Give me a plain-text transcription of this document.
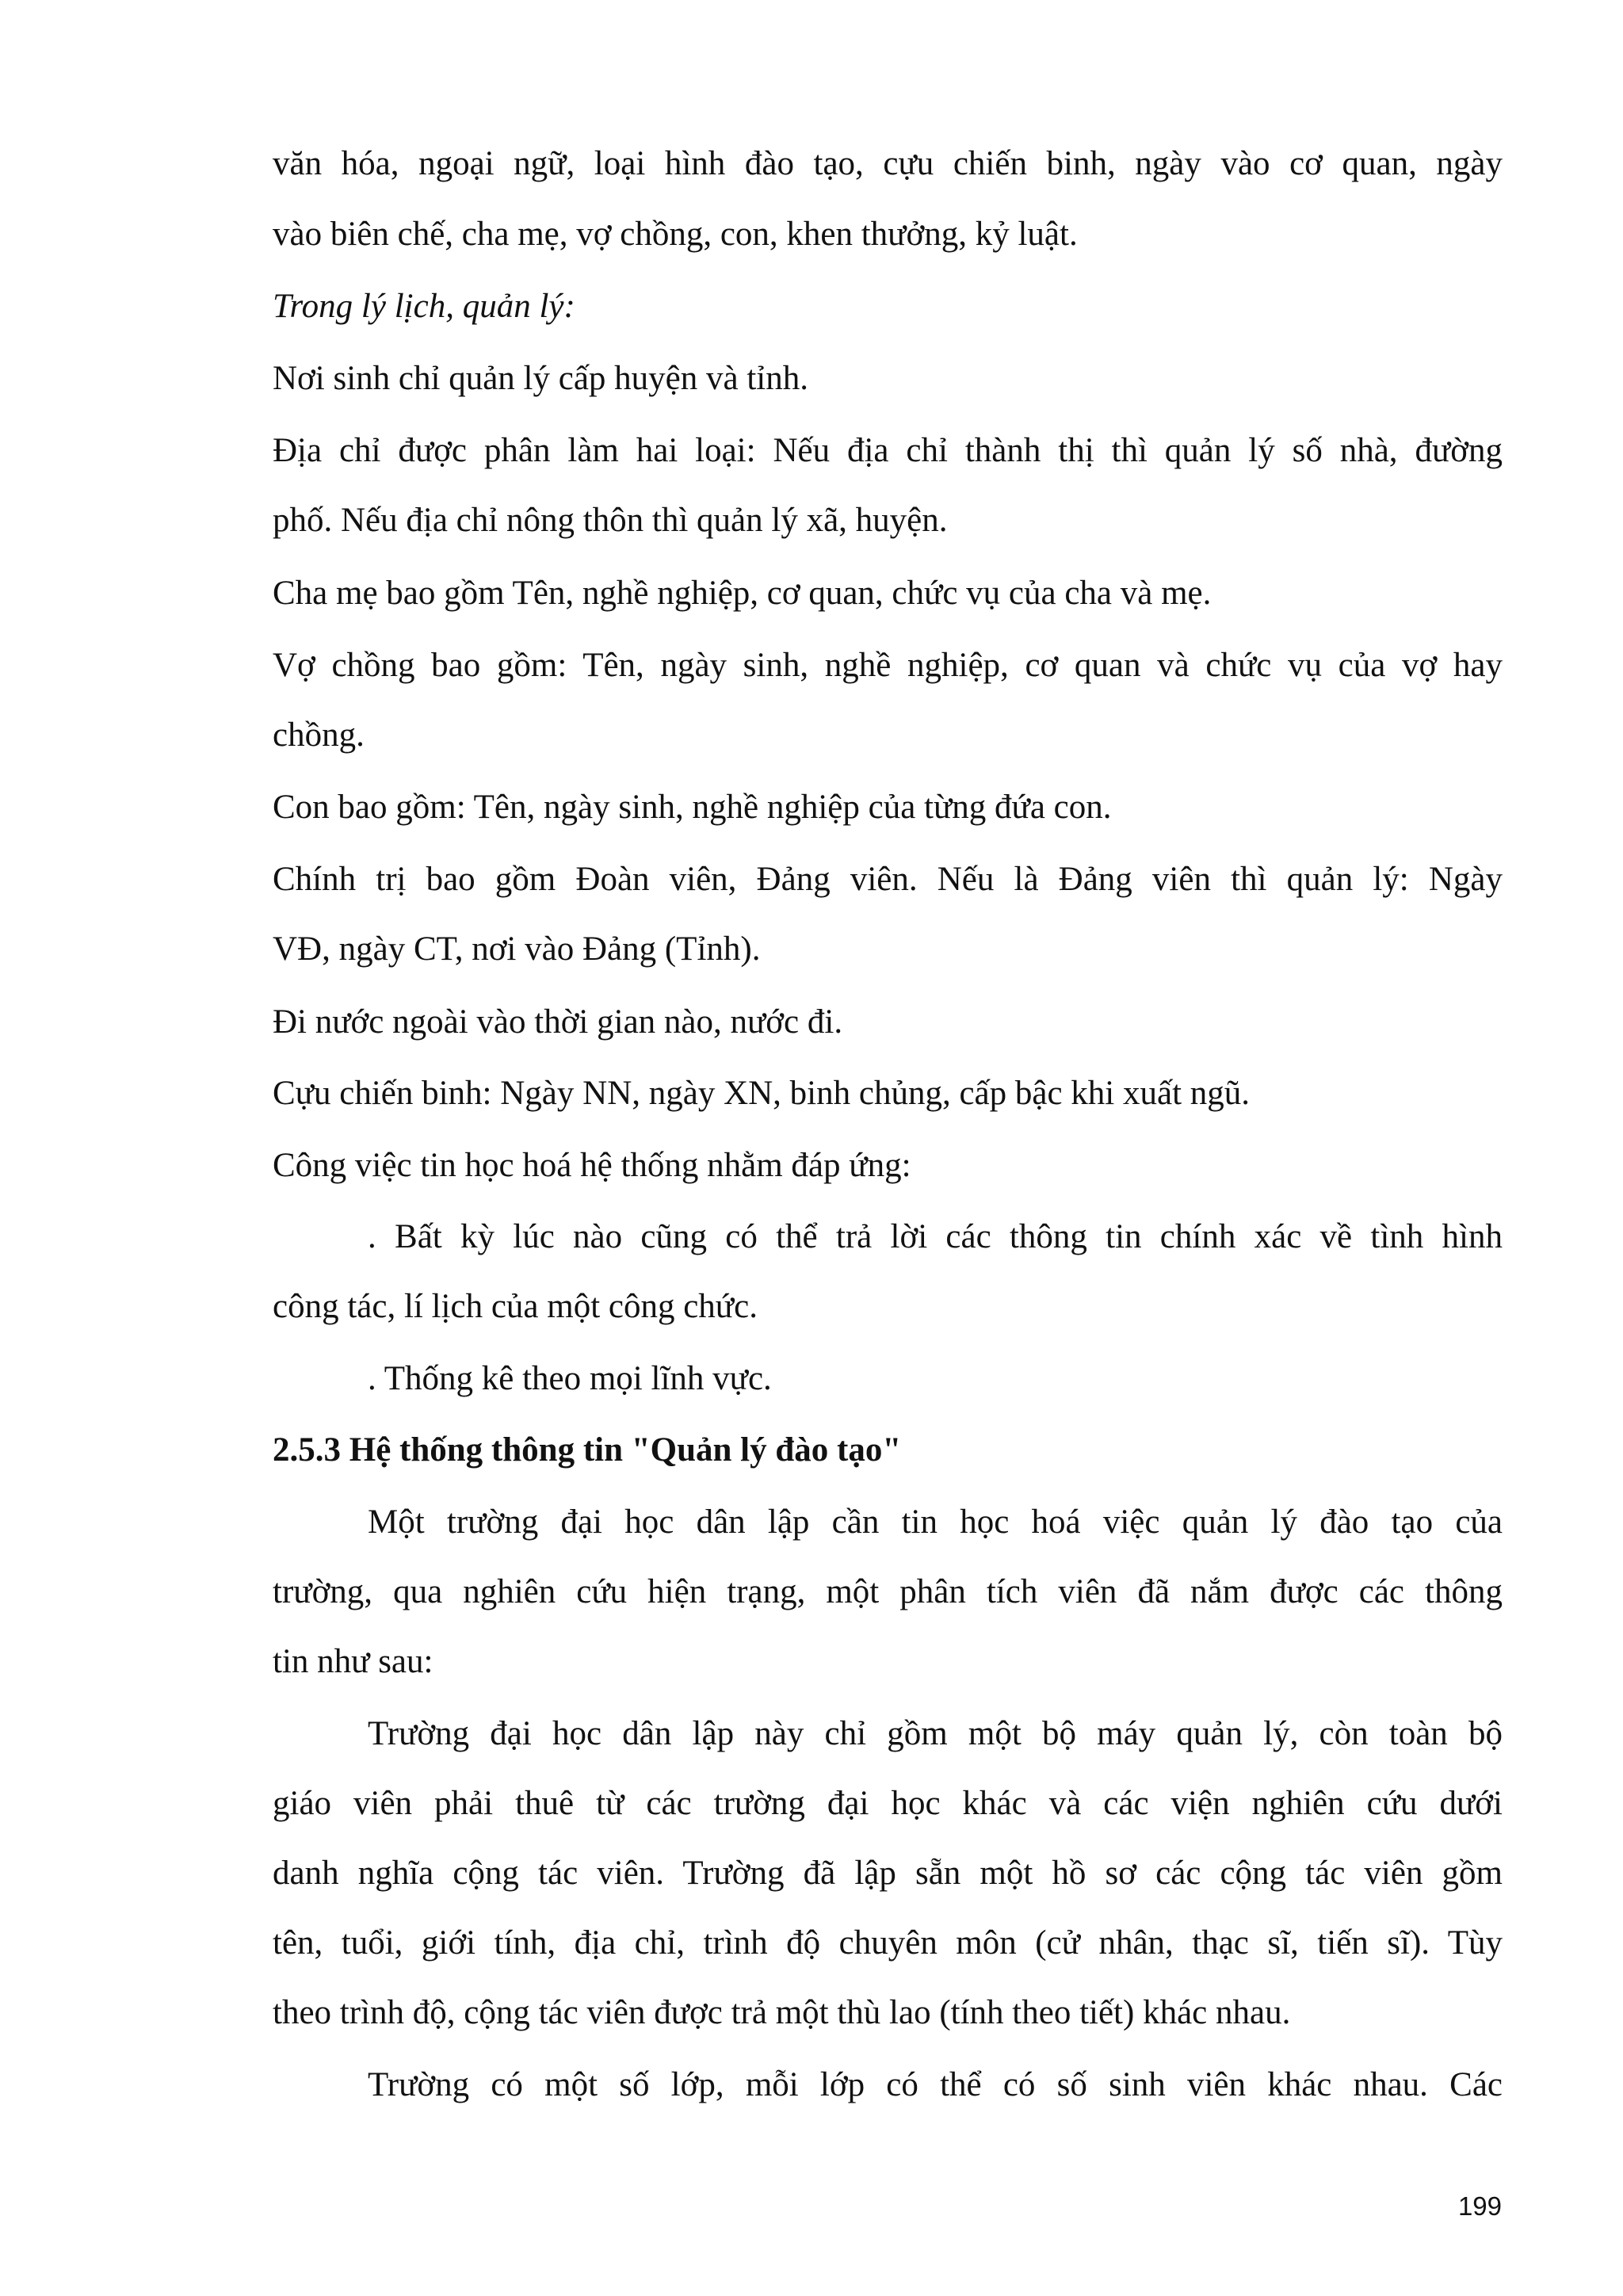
văn hóa, ngoại ngữ, loại hình đào tạo, cựu chiến binh, ngày vào cơ quan, ngày

vào biên chế, cha mẹ, vợ chồng, con, khen thưởng, kỷ luật.

Trong lý lịch, quản lý:

Nơi sinh chỉ quản lý cấp huyện và tỉnh.

Địa chỉ được phân làm hai loại: Nếu địa chỉ thành thị thì quản lý số nhà, đường

phố. Nếu địa chỉ nông thôn thì quản lý xã, huyện.

Cha mẹ bao gồm Tên, nghề nghiệp, cơ quan, chức vụ của cha và mẹ.

Vợ chồng bao gồm: Tên, ngày sinh, nghề nghiệp, cơ quan và chức vụ của vợ hay

chồng.

Con bao gồm: Tên, ngày sinh, nghề nghiệp của từng đứa con.

Chính trị bao gồm Đoàn viên, Đảng viên. Nếu là Đảng viên thì quản lý: Ngày

VĐ, ngày CT, nơi vào Đảng (Tỉnh).

Đi nước ngoài vào thời gian nào, nước đi.

Cựu chiến binh: Ngày NN, ngày XN, binh chủng, cấp bậc khi xuất ngũ.

Công việc tin học hoá hệ thống nhằm đáp ứng:

. Bất kỳ lúc nào cũng có thể trả lời các thông tin chính xác về tình hình

công tác, lí lịch của một công chức.

. Thống kê theo mọi lĩnh vực.

2.5.3 Hệ thống thông tin "Quản lý đào tạo"

Một trường đại học dân lập cần tin học hoá việc quản lý đào tạo của

trường, qua nghiên cứu hiện trạng, một phân tích viên đã nắm được các thông

tin như sau:

Trường đại học dân lập này chỉ gồm một bộ máy quản lý, còn toàn bộ

giáo viên phải thuê từ các trường đại học khác và các viện nghiên cứu dưới

danh nghĩa cộng tác viên. Trường đã lập sẵn một hồ sơ các cộng tác viên gồm

tên, tuổi, giới tính, địa chỉ, trình độ chuyên môn (cử nhân, thạc sĩ, tiến sĩ). Tùy

theo trình độ, cộng tác viên được trả một thù lao (tính theo tiết) khác nhau.

Trường có một số lớp, mỗi lớp có thể có số sinh viên khác nhau. Các

199
